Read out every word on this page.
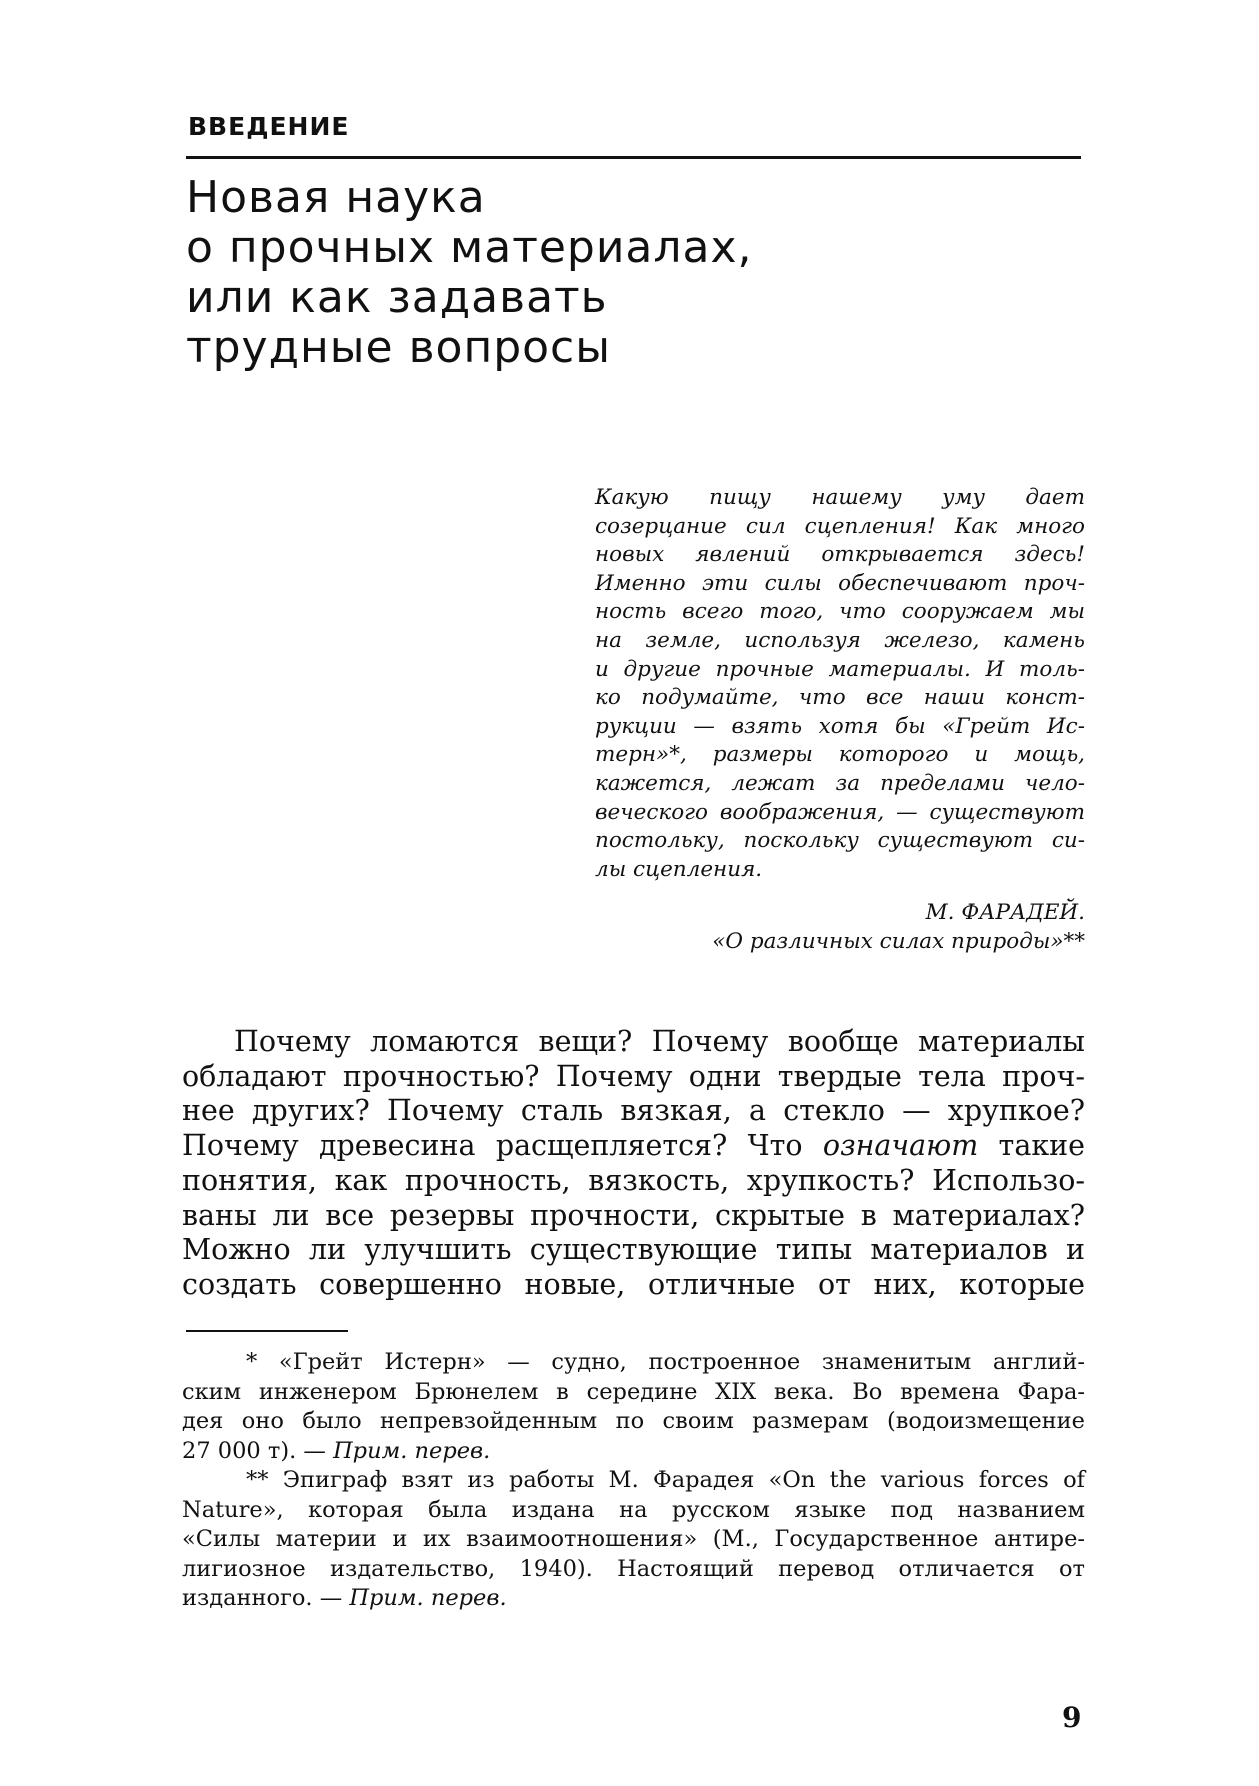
ВВЕДЕНИЕ
Новая наука
о прочных материалах,
или как задавать
трудные вопросы
Какую пищу нашему уму дает
созерцание сил сцепления! Как много
новых явлений открывается здесь!
Именно эти силы обеспечивают проч-
ность всего того, что сооружаем мы
на земле, используя железо, камень
и другие прочные материалы. И толь-
ко подумайте, что все наши конст-
рукции — взять хотя бы «Грейт Ис-
терн»*, размеры которого и мощь,
кажется, лежат за пределами чело-
веческого воображения, — существуют
постольку, поскольку существуют си-
лы сцепления.
М. ФАРАДЕЙ.
«О различных силах природы»**
Почему ломаются вещи? Почему вообще материалы
обладают прочностью? Почему одни твердые тела проч-
нее других? Почему сталь вязкая, а стекло — хрупкое?
Почему древесина расщепляется? Что означают такие
понятия, как прочность, вязкость, хрупкость? Использо-
ваны ли все резервы прочности, скрытые в материалах?
Можно ли улучшить существующие типы материалов и
создать совершенно новые, отличные от них, которые
* «Грейт Истерн» — судно, построенное знаменитым англий-
ским инженером Брюнелем в середине XIX века. Во времена Фара-
дея оно было непревзойденным по своим размерам (водоизмещение
27 000 т). — Прим. перев.
** Эпиграф взят из работы М. Фарадея «On the various forces of
Nature», которая была издана на русском языке под названием
«Силы материи и их взаимоотношения» (М., Государственное антире-
лигиозное издательство, 1940). Настоящий перевод отличается от
изданного. — Прим. перев.
9
